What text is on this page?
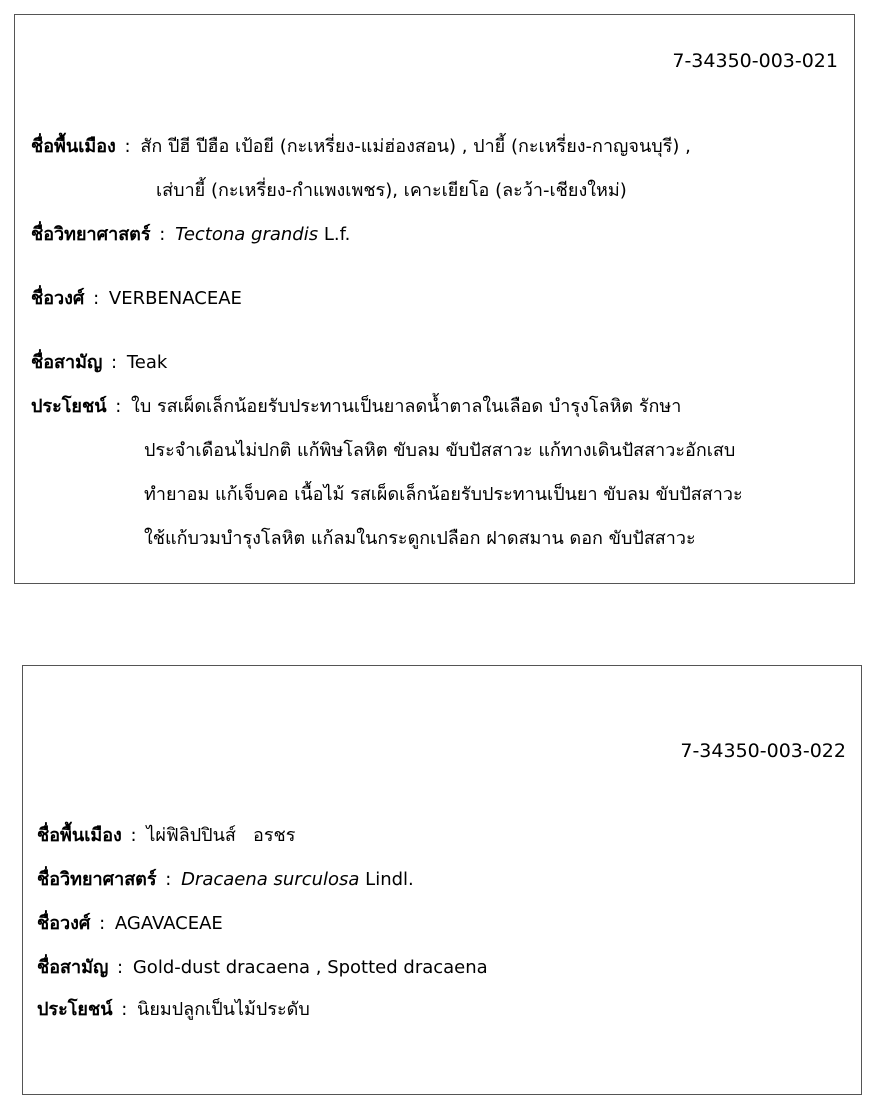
7-34350-003-021
ชื่อพื้นเมือง : สัก ปีฮี ปีฮือ เป้อยี (กะเหรี่ยง-แม่ฮ่องสอน) , ปายี้ (กะเหรี่ยง-กาญจนบุรี) ,
เส่บายี้ (กะเหรี่ยง-กำแพงเพชร), เคาะเยียโอ (ละว้า-เชียงใหม่)
ชื่อวิทยาศาสตร์ : Tectona grandis L.f.
ชื่อวงศ์ : VERBENACEAE
ชื่อสามัญ : Teak
ประโยชน์ : ใบ รสเผ็ดเล็กน้อยรับประทานเป็นยาลดน้ำตาลในเลือด บำรุงโลหิต รักษา
ประจำเดือนไม่ปกติ แก้พิษโลหิต ขับลม ขับปัสสาวะ แก้ทางเดินปัสสาวะอักเสบ
ทำยาอม แก้เจ็บคอ เนื้อไม้ รสเผ็ดเล็กน้อยรับประทานเป็นยา ขับลม ขับปัสสาวะ
ใช้แก้บวมบำรุงโลหิต แก้ลมในกระดูกเปลือก ฝาดสมาน ดอก ขับปัสสาวะ
7-34350-003-022
ชื่อพื้นเมือง : ไผ่ฟิลิปปินส์   อรชร
ชื่อวิทยาศาสตร์ : Dracaena surculosa Lindl.
ชื่อวงศ์ : AGAVACEAE
ชื่อสามัญ : Gold-dust dracaena , Spotted dracaena
ประโยชน์ : นิยมปลูกเป็นไม้ประดับ
